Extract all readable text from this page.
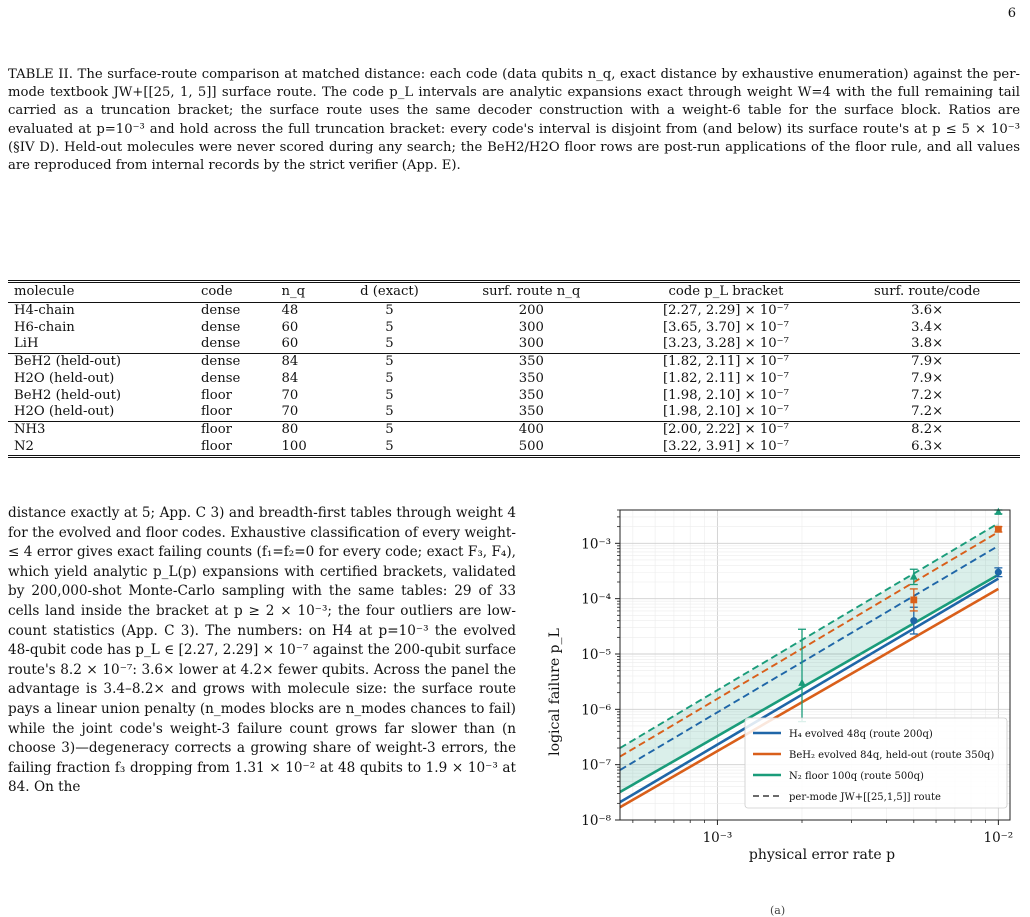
6
TABLE II. The surface-route comparison at matched distance: each code (data qubits n_q, exact distance by exhaustive enumeration) against the per-mode textbook JW+[[25, 1, 5]] surface route. The code p_L intervals are analytic expansions exact through weight W=4 with the full remaining tail carried as a truncation bracket; the surface route uses the same decoder construction with a weight-6 table for the surface block. Ratios are evaluated at p=10⁻³ and hold across the full truncation bracket: every code's interval is disjoint from (and below) its surface route's at p ≤ 5 × 10⁻³ (§IV D). Held-out molecules were never scored during any search; the BeH2/H2O floor rows are post-run applications of the floor rule, and all values are reproduced from internal records by the strict verifier (App. E).
molecule	code	n_q	d (exact)	surf. route n_q	code p_L bracket	surf. route/code
H4-chain	dense	48	5	200	[2.27, 2.29] × 10⁻⁷	3.6×
H6-chain	dense	60	5	300	[3.65, 3.70] × 10⁻⁷	3.4×
LiH	dense	60	5	300	[3.23, 3.28] × 10⁻⁷	3.8×
BeH2 (held-out)	dense	84	5	350	[1.82, 2.11] × 10⁻⁷	7.9×
H2O (held-out)	dense	84	5	350	[1.82, 2.11] × 10⁻⁷	7.9×
BeH2 (held-out)	floor	70	5	350	[1.98, 2.10] × 10⁻⁷	7.2×
H2O (held-out)	floor	70	5	350	[1.98, 2.10] × 10⁻⁷	7.2×
NH3	floor	80	5	400	[2.00, 2.22] × 10⁻⁷	8.2×
N2	floor	100	5	500	[3.22, 3.91] × 10⁻⁷	6.3×
distance exactly at 5; App. C 3) and breadth-first tables through weight 4 for the evolved and floor codes. Exhaustive classification of every weight-≤ 4 error gives exact failing counts (f₁=f₂=0 for every code; exact F₃, F₄), which yield analytic p_L(p) expansions with certified brackets, validated by 200,000-shot Monte-Carlo sampling with the same tables: 29 of 33 cells land inside the bracket at p ≥ 2 × 10⁻³; the four outliers are low-count statistics (App. C 3). The numbers: on H4 at p=10⁻³ the evolved 48-qubit code has p_L ∈ [2.27, 2.29] × 10⁻⁷ against the 200-qubit surface route's 8.2 × 10⁻⁷: 3.6× lower at 4.2× fewer qubits. Across the panel the advantage is 3.4–8.2× and grows with molecule size: the surface route pays a linear union penalty (n_modes blocks are n_modes chances to fail) while the joint code's weight-3 failure count grows far slower than (n choose 3)—degeneracy corrects a growing share of weight-3 errors, the failing fraction f₃ dropping from 1.31 × 10⁻² at 48 qubits to 1.9 × 10⁻³ at 84. On the
10⁻⁸
10⁻⁷
10⁻⁶
10⁻⁵
10⁻⁴
10⁻³
10⁻³	10⁻²
H₄ evolved 48q (route 200q)
BeH₂ evolved 84q, held-out (route 350q)
N₂ floor 100q (route 500q)
per-mode JW+[[25,1,5]] route
physical error rate p
logical failure p_L
(a)
